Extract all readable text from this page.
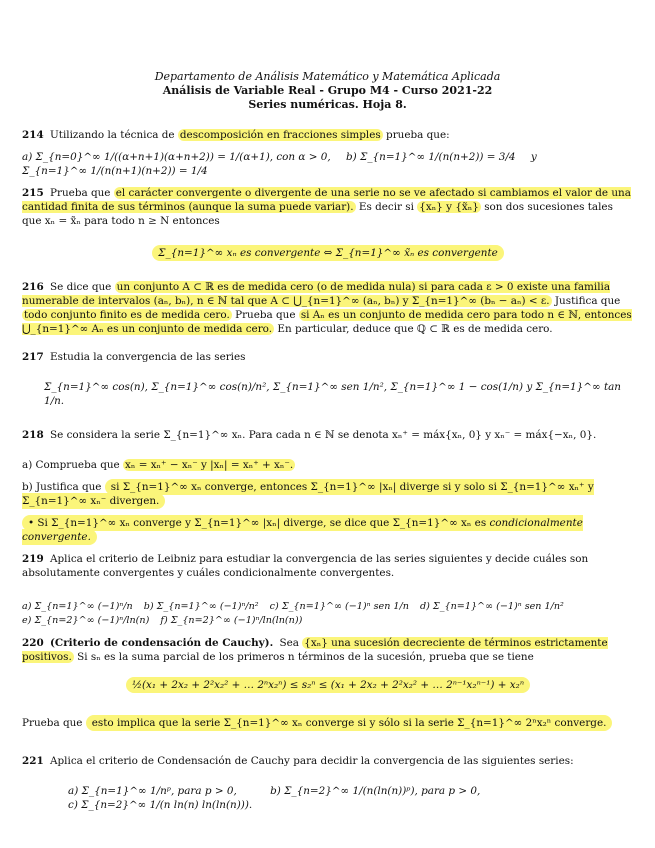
Departamento de Análisis Matemático y Matemática Aplicada
Análisis de Variable Real - Grupo M4 - Curso 2021-22
Series numéricas. Hoja 8.
214 Utilizando la técnica de descomposición en fracciones simples prueba que:
a) Σ_{n=0}^∞ 1/((α+n+1)(α+n+2)) = 1/(α+1), con α > 0, b) Σ_{n=1}^∞ 1/(n(n+2)) = 3/4 y Σ_{n=1}^∞ 1/(n(n+1)(n+2)) = 1/4
215 Prueba que el carácter convergente o divergente de una serie no se ve afectado si cambiamos el valor de una cantidad finita de sus términos (aunque la suma puede variar). Es decir si {xₙ} y {x̃ₙ} son dos sucesiones tales que xₙ = x̃ₙ para todo n ≥ N entonces
Σ_{n=1}^∞ xₙ es convergente ⇔ Σ_{n=1}^∞ x̃ₙ es convergente
216 Se dice que un conjunto A ⊂ ℝ es de medida cero (o de medida nula) si para cada ε > 0 existe una familia numerable de intervalos (aₙ, bₙ), n ∈ ℕ tal que A ⊂ ⋃_{n=1}^∞ (aₙ, bₙ) y Σ_{n=1}^∞ (bₙ − aₙ) < ε. Justifica que todo conjunto finito es de medida cero. Prueba que si Aₙ es un conjunto de medida cero para todo n ∈ ℕ, entonces ⋃_{n=1}^∞ Aₙ es un conjunto de medida cero. En particular, deduce que ℚ ⊂ ℝ es de medida cero.
217 Estudia la convergencia de las series
Σ_{n=1}^∞ cos(n), Σ_{n=1}^∞ cos(n)/n², Σ_{n=1}^∞ sen 1/n², Σ_{n=1}^∞ 1 − cos(1/n) y Σ_{n=1}^∞ tan 1/n.
218 Se considera la serie Σ_{n=1}^∞ xₙ. Para cada n ∈ ℕ se denota xₙ⁺ = máx{xₙ, 0} y xₙ⁻ = máx{−xₙ, 0}.
a) Comprueba que xₙ = xₙ⁺ − xₙ⁻ y |xₙ| = xₙ⁺ + xₙ⁻.
b) Justifica que si Σ_{n=1}^∞ xₙ converge, entonces Σ_{n=1}^∞ |xₙ| diverge si y solo si Σ_{n=1}^∞ xₙ⁺ y Σ_{n=1}^∞ xₙ⁻ divergen.
• Si Σ_{n=1}^∞ xₙ converge y Σ_{n=1}^∞ |xₙ| diverge, se dice que Σ_{n=1}^∞ xₙ es condicionalmente convergente.
219 Aplica el criterio de Leibniz para estudiar la convergencia de las series siguientes y decide cuáles son absolutamente convergentes y cuáles condicionalmente convergentes.
a) Σ_{n=1}^∞ (−1)ⁿ/n b) Σ_{n=1}^∞ (−1)ⁿ/n² c) Σ_{n=1}^∞ (−1)ⁿ sen 1/n d) Σ_{n=1}^∞ (−1)ⁿ sen 1/n² e) Σ_{n=2}^∞ (−1)ⁿ/ln(n) f) Σ_{n=2}^∞ (−1)ⁿ/ln(ln(n))
220 (Criterio de condensación de Cauchy). Sea {xₙ} una sucesión decreciente de términos estrictamente positivos. Si sₙ es la suma parcial de los primeros n términos de la sucesión, prueba que se tiene
½(x₁ + 2x₂ + 2²x₂² + … 2ⁿx₂ⁿ) ≤ s₂ⁿ ≤ (x₁ + 2x₂ + 2²x₂² + … 2ⁿ⁻¹x₂ⁿ⁻¹) + x₂ⁿ
Prueba que esto implica que la serie Σ_{n=1}^∞ xₙ converge si y sólo si la serie Σ_{n=1}^∞ 2ⁿx₂ⁿ converge.
221 Aplica el criterio de Condensación de Cauchy para decidir la convergencia de las siguientes series:
a) Σ_{n=1}^∞ 1/nᵖ, para p > 0,	b) Σ_{n=2}^∞ 1/(n(ln(n))ᵖ), para p > 0, c) Σ_{n=2}^∞ 1/(n ln(n) ln(ln(n))).
